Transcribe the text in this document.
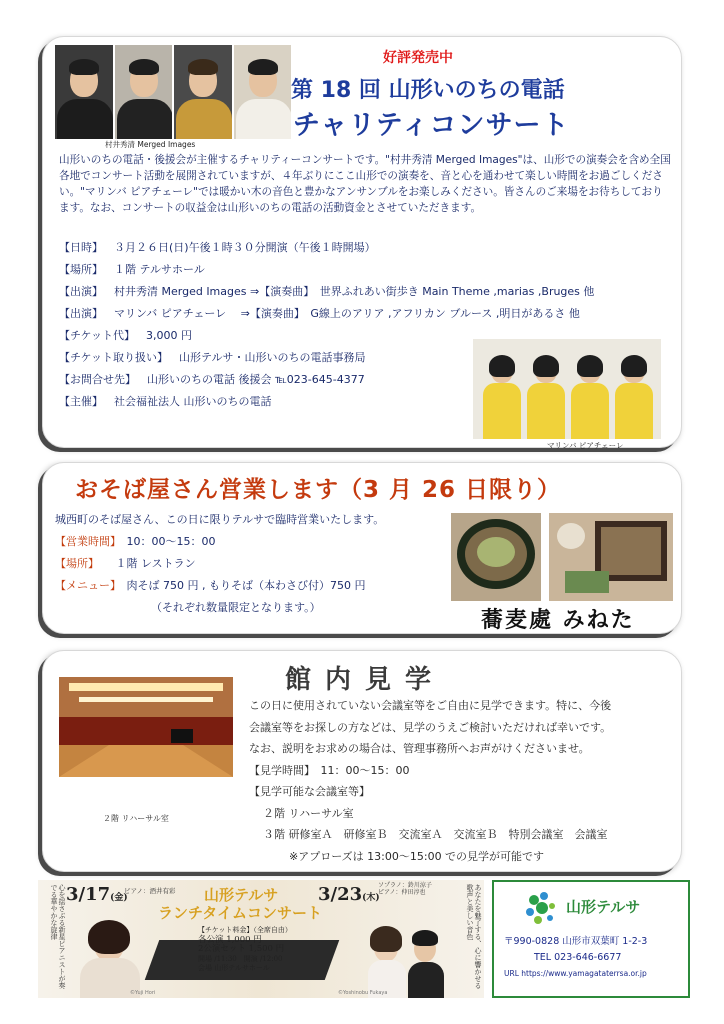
村井秀清 Merged Images
好評発売中
第 18 回 山形いのちの電話
チャリティコンサート

山形いのちの電話・後援会が主催するチャリティーコンサートです。"村井秀清 Merged Images"は、山形での演奏会を含め全国各地でコンサート活動を展開されていますが、４年ぶりにここ山形での演奏を、音と心を通わせて楽しい時間をお過ごしください。"マリンバ ピアチェーレ"では暖かい木の音色と豊かなアンサンブルをお楽しみください。皆さんのご来場をお待ちしております。なお、コンサートの収益金は山形いのちの電話の活動資金とさせていただきます。

【日時】　 ３月２６日(日)午後１時３０分開演（午後１時開場）
【場所】　 １階 テルサホール
【出演】　 村井秀清 Merged Images ⇒【演奏曲】　世界ふれあい街歩き Main Theme ,marias ,Bruges 他
【出演】　 マリンバ ピアチェーレ　 ⇒【演奏曲】　G線上のアリア ,アフリカン ブルース ,明日があるさ 他
【チケット代】　 3,000 円
【チケット取り扱い】　 山形テルサ・山形いのちの電話事務局
【お問合せ先】　 山形いのちの電話 後援会 ℡023-645-4377
【主催】　 社会福祉法人 山形いのちの電話
マリンバ ピアチェーレ
おそば屋さん営業します（3 月 26 日限り）
城西町のそば屋さん、この日に限りテルサで臨時営業いたします。
【営業時間】　 10：00～15：00
【場所】　　 １階 レストラン
【メニュー】　 肉そば 750 円 , もりそば（本わさび付）750 円
（それぞれ数量限定となります。）	蕎麦處 みねた
館内見学
２階 リハーサル室
この日に使用されていない会議室等をご自由に見学できます。特に、今後
会議室等をお探しの方などは、見学のうえご検討いただければ幸いです。
なお、説明をお求めの場合は、管理事務所へお声がけくださいませ。
【見学時間】　 11：00～15：00
【見学可能な会議室等】
２階 リハーサル室
３階 研修室Ａ　研修室Ｂ　交流室Ａ　交流室Ｂ　特別会議室　会議室
※アプローズは 13:00～15:00 での見学が可能です
心を揺さぶる新星ピアニストが奏でる華やかな旋律 3/17(金)
ピアノ：酒井有彩 山形テルサ
ランチタイムコンサート
3/23(木)
ソプラノ：鈴川涼子
ピアノ：仲田淳也
【チケット料金】（全席自由）
各公演 1,000 円
2公演セット 1,500 円
開場 /11:30　開演 /12:00
会場 山形テルサホール	あなたを魅了する、心に響かせる歌声と美しい音色
©Yuji Hori	©Yoshinobu Fukaya
山形テルサ
〒990-0828 山形市双葉町 1-2-3
TEL 023-646-6677
URL https://www.yamagataterrsa.or.jp
